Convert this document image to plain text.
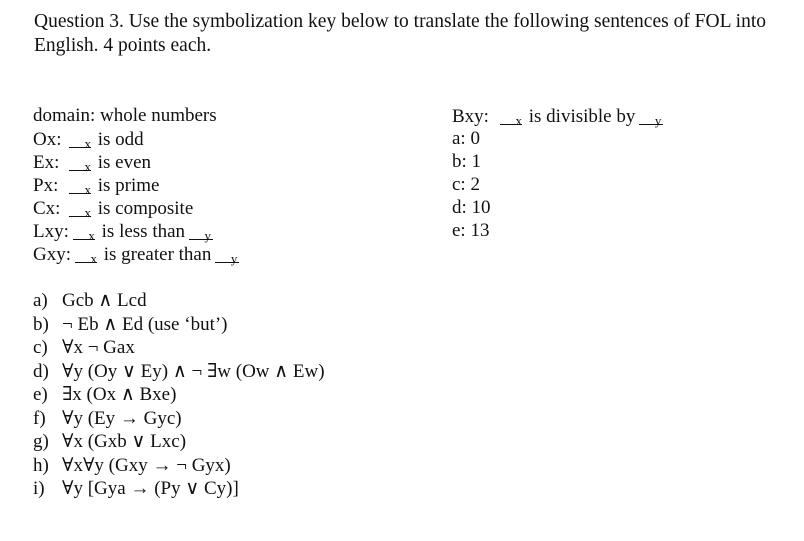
Question 3. Use the symbolization key below to translate the following sentences of FOL into English. 4 points each.
domain: whole numbers
Ox: x is odd
Ex: x is even
Px: x is prime
Cx: x is composite
Lxy: x is less than y
Gxy: x is greater than y
Bxy: x is divisible by y
a: 0
b: 1
c: 2
d: 10
e: 13
a) Gcb ∧ Lcd
b) ¬ Eb ∧ Ed (use ‘but’)
c) ∀x ¬ Gax
d) ∀y (Oy ∨ Ey) ∧ ¬ ∃w (Ow ∧ Ew)
e) ∃x (Ox ∧ Bxe)
f) ∀y (Ey → Gyc)
g) ∀x (Gxb ∨ Lxc)
h) ∀x∀y (Gxy → ¬ Gyx)
i) ∀y [Gya → (Py ∨ Cy)]
